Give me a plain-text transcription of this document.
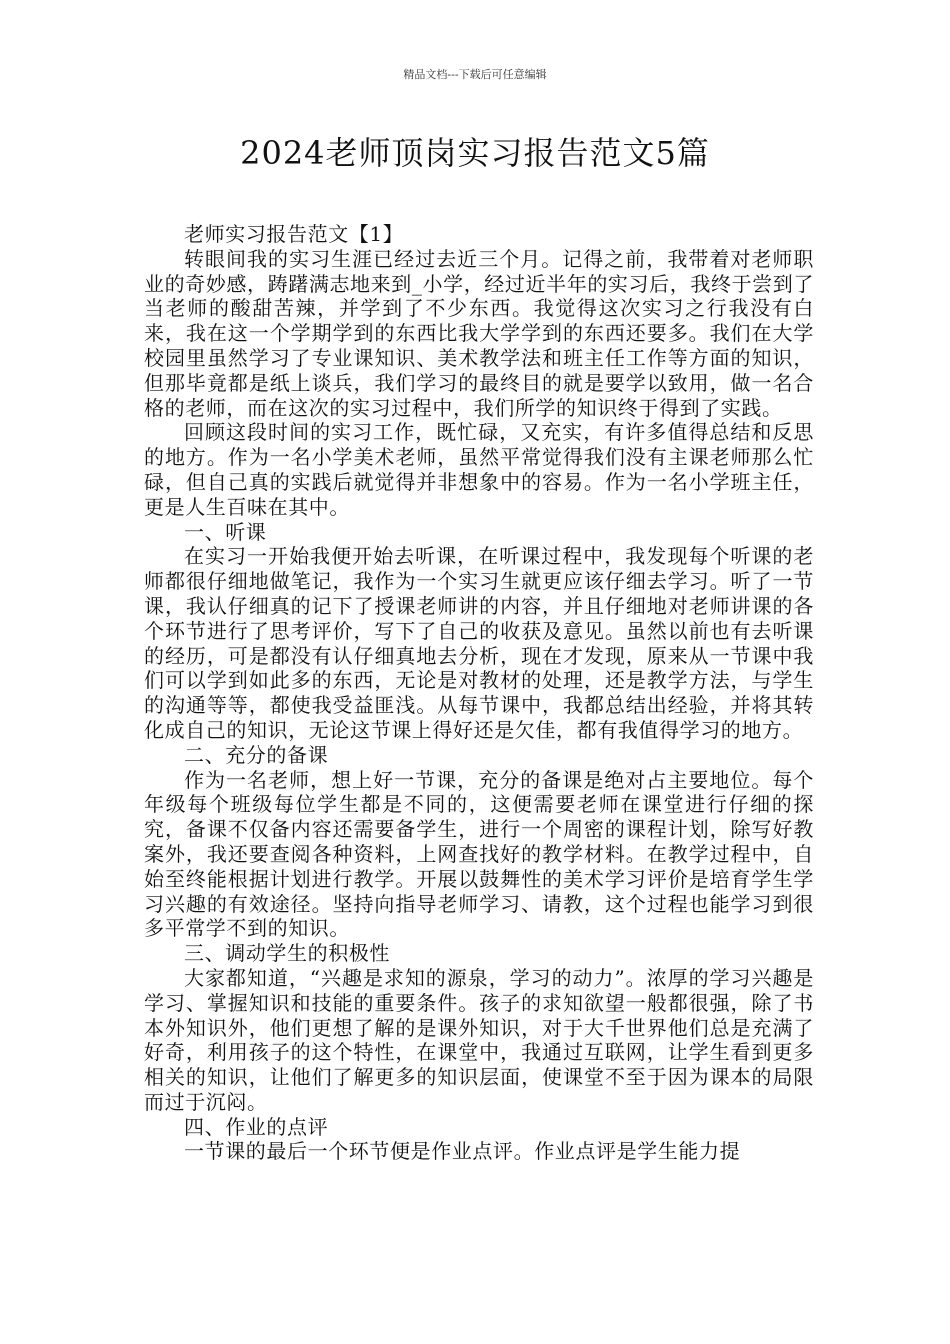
精品文档---下载后可任意编辑
2024老师顶岗实习报告范文5篇

老师实习报告范文【1】

转眼间我的实习生涯已经过去近三个月。记得之前，我带着对老师职业的奇妙感，踌躇满志地来到_小学，经过近半年的实习后，我终于尝到了当老师的酸甜苦辣，并学到了不少东西。我觉得这次实习之行我没有白来，我在这一个学期学到的东西比我大学学到的东西还要多。我们在大学校园里虽然学习了专业课知识、美术教学法和班主任工作等方面的知识，但那毕竟都是纸上谈兵，我们学习的最终目的就是要学以致用，做一名合格的老师，而在这次的实习过程中，我们所学的知识终于得到了实践。

回顾这段时间的实习工作，既忙碌，又充实，有许多值得总结和反思的地方。作为一名小学美术老师，虽然平常觉得我们没有主课老师那么忙碌，但自己真的实践后就觉得并非想象中的容易。作为一名小学班主任，更是人生百味在其中。

一、听课

在实习一开始我便开始去听课，在听课过程中，我发现每个听课的老师都很仔细地做笔记，我作为一个实习生就更应该仔细去学习。听了一节课，我认仔细真的记下了授课老师讲的内容，并且仔细地对老师讲课的各个环节进行了思考评价，写下了自己的收获及意见。虽然以前也有去听课的经历，可是都没有认仔细真地去分析，现在才发现，原来从一节课中我们可以学到如此多的东西，无论是对教材的处理，还是教学方法，与学生的沟通等等，都使我受益匪浅。从每节课中，我都总结出经验，并将其转化成自己的知识，无论这节课上得好还是欠佳，都有我值得学习的地方。

二、充分的备课

作为一名老师，想上好一节课，充分的备课是绝对占主要地位。每个年级每个班级每位学生都是不同的，这便需要老师在课堂进行仔细的探究，备课不仅备内容还需要备学生，进行一个周密的课程计划，除写好教案外，我还要查阅各种资料，上网查找好的教学材料。在教学过程中，自始至终能根据计划进行教学。开展以鼓舞性的美术学习评价是培育学生学习兴趣的有效途径。坚持向指导老师学习、请教，这个过程也能学习到很多平常学不到的知识。

三、调动学生的积极性

大家都知道，“兴趣是求知的源泉，学习的动力”。浓厚的学习兴趣是学习、掌握知识和技能的重要条件。孩子的求知欲望一般都很强，除了书本外知识外，他们更想了解的是课外知识，对于大千世界他们总是充满了好奇，利用孩子的这个特性，在课堂中，我通过互联网，让学生看到更多相关的知识，让他们了解更多的知识层面，使课堂不至于因为课本的局限而过于沉闷。

四、作业的点评

一节课的最后一个环节便是作业点评。作业点评是学生能力提
